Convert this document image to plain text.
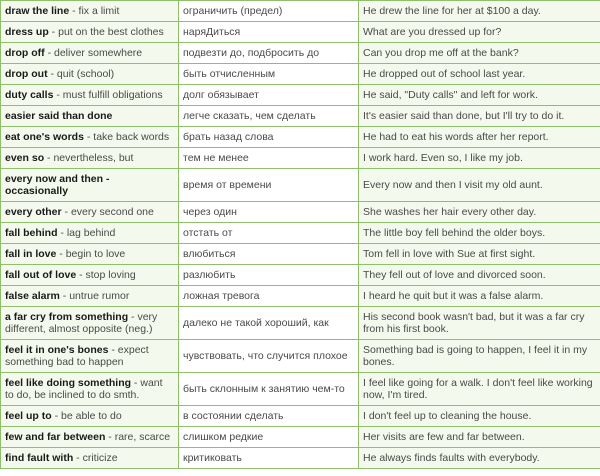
draw the line - fix a limit	ограничить (предел)	He drew the line for her at $100 a day.
dress up - put on the best clothes	наряДиться	What are you dressed up for?
drop off - deliver somewhere	подвезти до, подбросить до	Can you drop me off at the bank?
drop out - quit (school)	быть отчисленным	He dropped out of school last year.
duty calls - must fulfill obligations	долг обязывает	He said, "Duty calls" and left for work.
easier said than done	легче сказать, чем сделать	It's easier said than done, but I'll try to do it.
eat one's words - take back words	брать назад слова	He had to eat his words after her report.
even so - nevertheless, but	тем не менее	I work hard. Even so, I like my job.
every now and then - occasionally	время от времени	Every now and then I visit my old aunt.
every other - every second one	через один	She washes her hair every other day.
fall behind - lag behind	отстать от	The little boy fell behind the older boys.
fall in love - begin to love	влюбиться	Tom fell in love with Sue at first sight.
fall out of love - stop loving	разлюбить	They fell out of love and divorced soon.
false alarm - untrue rumor	ложная тревога	I heard he quit but it was a false alarm.
a far cry from something - very different, almost opposite (neg.)	далеко не такой хороший, как	His second book wasn't bad, but it was a far cry from his first book.
feel it in one's bones - expect something bad to happen	чувствовать, что случится плохое	Something bad is going to happen, I feel it in my bones.
feel like doing something - want to do, be inclined to do smth.	быть склонным к занятию чем-то	I feel like going for a walk. I don't feel like working now, I'm tired.
feel up to - be able to do	в состоянии сделать	I don't feel up to cleaning the house.
few and far between - rare, scarce	слишком редкие	Her visits are few and far between.
find fault with - criticize	критиковать	He always finds faults with everybody.
